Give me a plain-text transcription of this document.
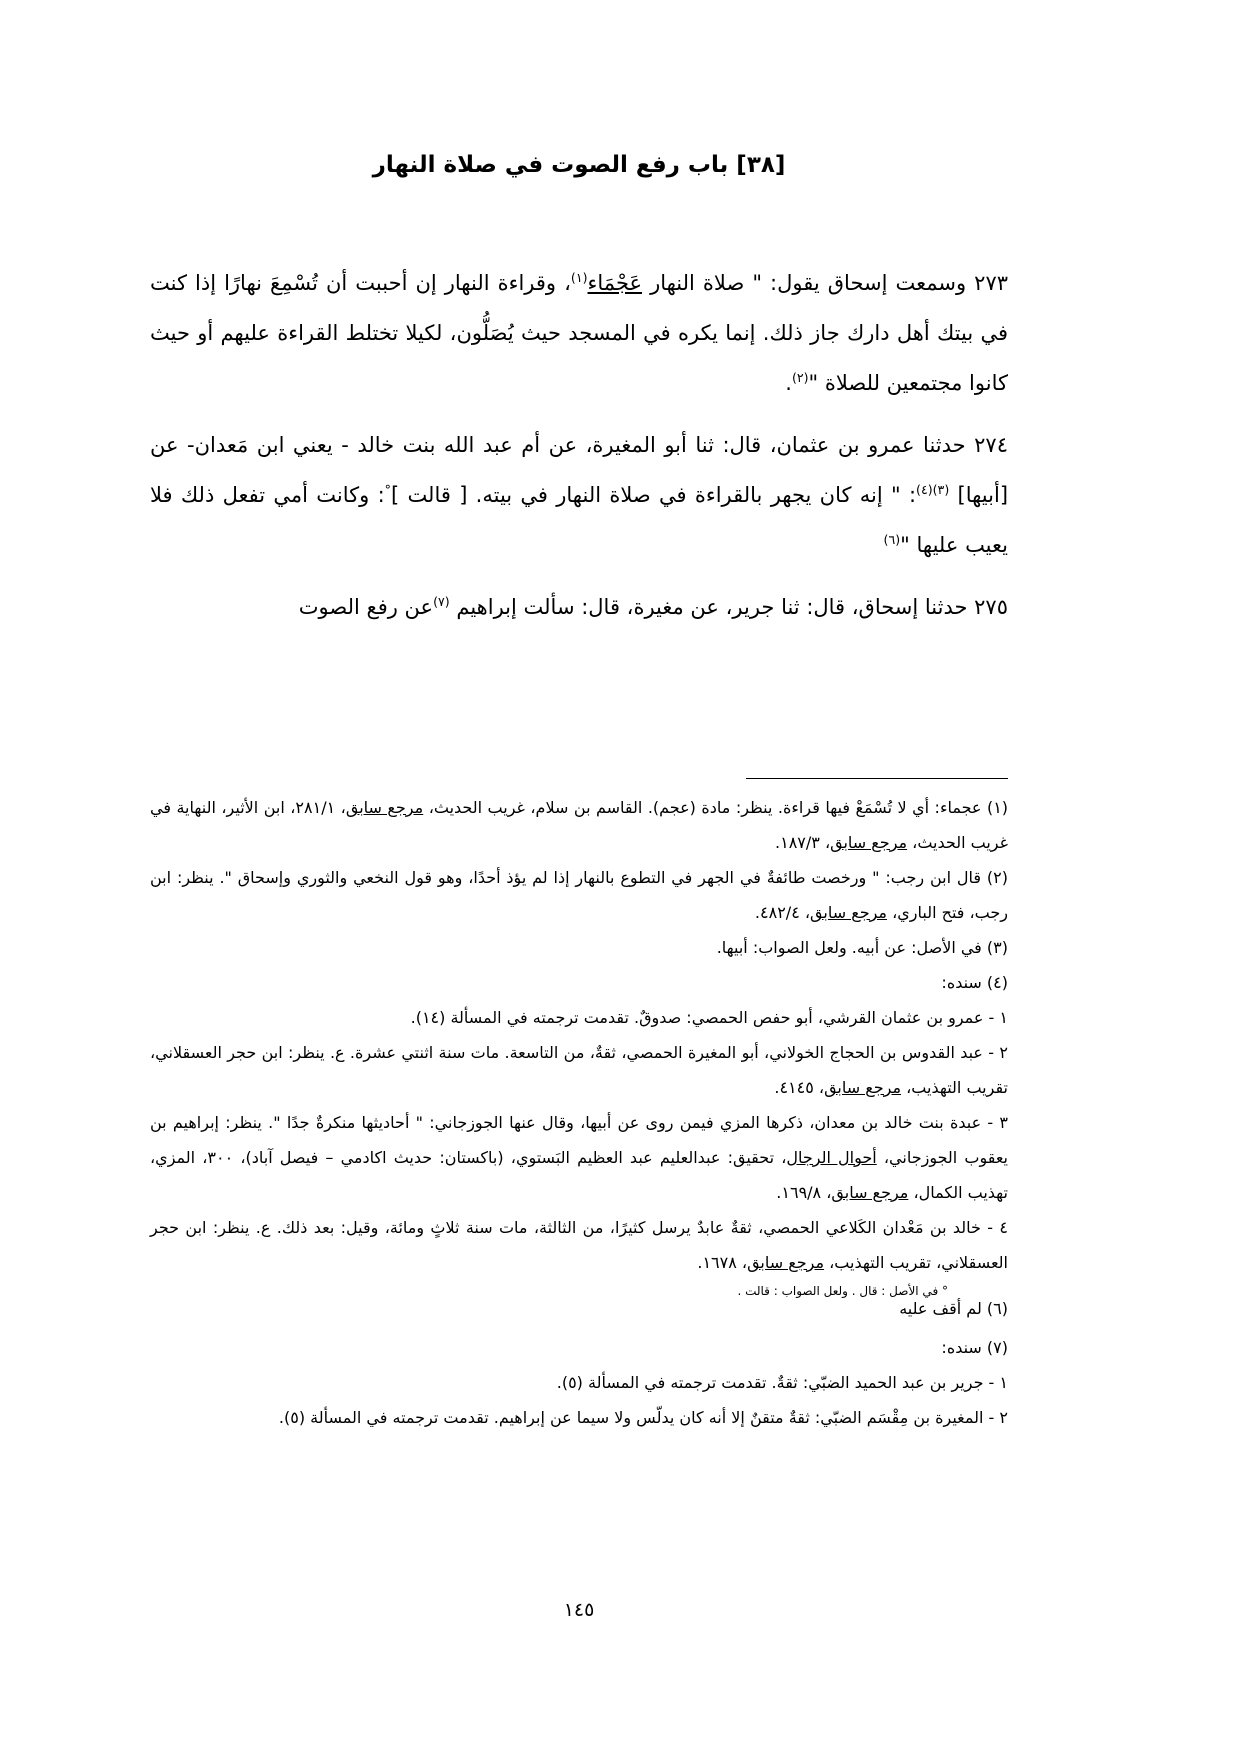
[٣٨] باب رفع الصوت في صلاة النهار

٢٧٣ وسمعت إسحاق يقول: " صلاة النهار عَجْمَاء$^{(١)}$، وقراءة النهار إن أحببت أن تُسْمِعَ نهارًا إذا كنت في بيتك أهل دارك جاز ذلك. إنما يكره في المسجد حيث يُصَلُّون، لكيلا تختلط القراءة عليهم أو حيث كانوا مجتمعين للصلاة "$^{(٢)}$.

٢٧٤ حدثنا عمرو بن عثمان، قال: ثنا أبو المغيرة، عن أم عبد الله بنت خالد - يعني ابن مَعدان- عن [أبيها] $^{(٣)(٤)}$: " إنه كان يجهر بالقراءة في صلاة النهار في بيته. [ قالت ]°: وكانت أمي تفعل ذلك فلا يعيب عليها "$^{(٦)}$

٢٧٥ حدثنا إسحاق، قال: ثنا جرير، عن مغيرة، قال: سألت إبراهيم $^{(٧)}$عن رفع الصوت

(١) عجماء: أي لا تُسْمَعْ فيها قراءة. ينظر: مادة (عجم). القاسم بن سلام، غريب الحديث، مرجع سابق، ٢٨١/١، ابن الأثير، النهاية في غريب الحديث، مرجع سابق، ١٨٧/٣.

(٢) قال ابن رجب: " ورخصت طائفةٌ في الجهر في التطوع بالنهار إذا لم يؤذ أحدًا، وهو قول النخعي والثوري وإسحاق ". ينظر: ابن رجب، فتح الباري، مرجع سابق، ٤٨٢/٤.

(٣) في الأصل: عن أبيه. ولعل الصواب: أبيها.

(٤) سنده:

١ - عمرو بن عثمان القرشي، أبو حفص الحمصي: صدوقٌ. تقدمت ترجمته في المسألة (١٤).

٢ - عبد القدوس بن الحجاج الخولاني، أبو المغيرة الحمصي، ثقةٌ، من التاسعة. مات سنة اثنتي عشرة. ع. ينظر: ابن حجر العسقلاني، تقريب التهذيب، مرجع سابق، ٤١٤٥.

٣ - عبدة بنت خالد بن معدان، ذكرها المزي فيمن روى عن أبيها، وقال عنها الجوزجاني: " أحاديثها منكرةٌ جدًا ". ينظر: إبراهيم بن يعقوب الجوزجاني، أحوال الرجال، تحقيق: عبدالعليم عبد العظيم البَستوي، (باكستان: حديث اكادمي – فيصل آباد)، ٣٠٠، المزي، تهذيب الكمال، مرجع سابق، ١٦٩/٨.

٤ - خالد بن مَعْدان الكَلاعي الحمصي، ثقةٌ عابدٌ يرسل كثيرًا، من الثالثة، مات سنة ثلاثٍ ومائة، وقيل: بعد ذلك. ع. ينظر: ابن حجر العسقلاني، تقريب التهذيب، مرجع سابق، ١٦٧٨.

° في الأصل : قال . ولعل الصواب : قالت .

(٦) لم أقف عليه

(٧) سنده:

١ - جرير بن عبد الحميد الضبّي: ثقةٌ. تقدمت ترجمته في المسألة (٥).

٢ - المغيرة بن مِقْسَم الضبّي: ثقةٌ متقنٌ إلا أنه كان يدلّس ولا سيما عن إبراهيم. تقدمت ترجمته في المسألة (٥).

١٤٥
